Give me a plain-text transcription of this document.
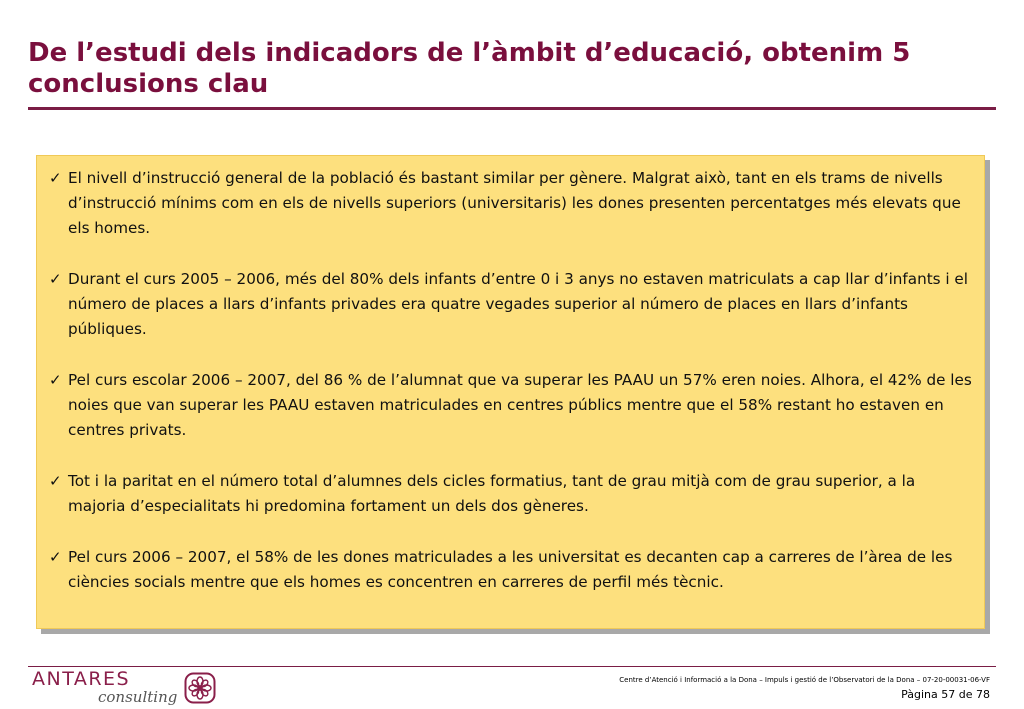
De l’estudi dels indicadors de l’àmbit d’educació, obtenim 5 conclusions clau

✓ El nivell d’instrucció general de la població és bastant similar per gènere. Malgrat això, tant en els trams de nivells d’instrucció mínims com en els de nivells superiors (universitaris) les dones presenten percentatges més elevats que els homes.

✓ Durant el curs 2005 – 2006, més del 80% dels infants d’entre 0 i 3 anys no estaven matriculats a cap llar d’infants i el número de places a llars d’infants privades era quatre vegades superior al número de places en llars d’infants públiques.

✓ Pel curs escolar 2006 – 2007, del 86 % de l’alumnat que va superar les PAAU un 57% eren noies. Alhora, el 42% de les noies que van superar les PAAU estaven matriculades en centres públics mentre que el 58% restant ho estaven en centres privats.

✓ Tot i la paritat en el número total d’alumnes dels cicles formatius, tant de grau mitjà com de grau superior, a la majoria d’especialitats hi predomina fortament un dels dos gèneres.

✓ Pel curs 2006 – 2007, el 58% de les dones matriculades a les universitat es decanten cap a carreres de l’àrea de les ciències socials mentre que els homes es concentren en carreres de perfil més tècnic.

ANTARES
consulting
Centre d’Atenció i Informació a la Dona – Impuls i gestió de l’Observatori de la Dona – 07-20-00031-06-VF
Pàgina 57 de 78
